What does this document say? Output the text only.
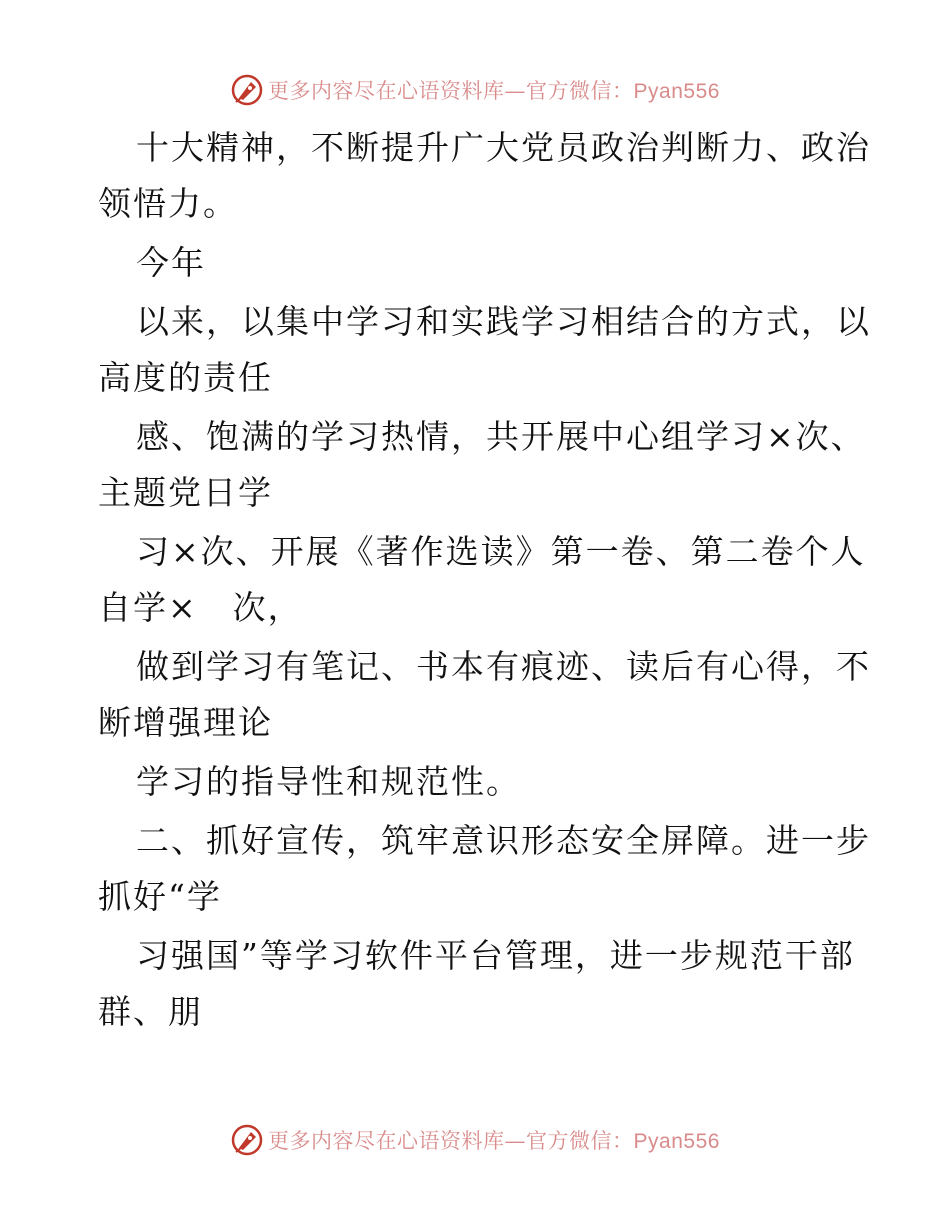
更多内容尽在心语资料库—官方微信：Pyan556
十大精神，不断提升广大党员政治判断力、政治
领悟力。
今年
以来，以集中学习和实践学习相结合的方式，以
高度的责任
感、饱满的学习热情，共开展中心组学习×次、
主题党日学
习×次、开展《著作选读》第一卷、第二卷个人
自学×　次，
做到学习有笔记、书本有痕迹、读后有心得，不
断增强理论
学习的指导性和规范性。
二、抓好宣传，筑牢意识形态安全屏障。进一步
抓好“学
习强国”等学习软件平台管理，进一步规范干部
群、朋
更多内容尽在心语资料库—官方微信：Pyan556
